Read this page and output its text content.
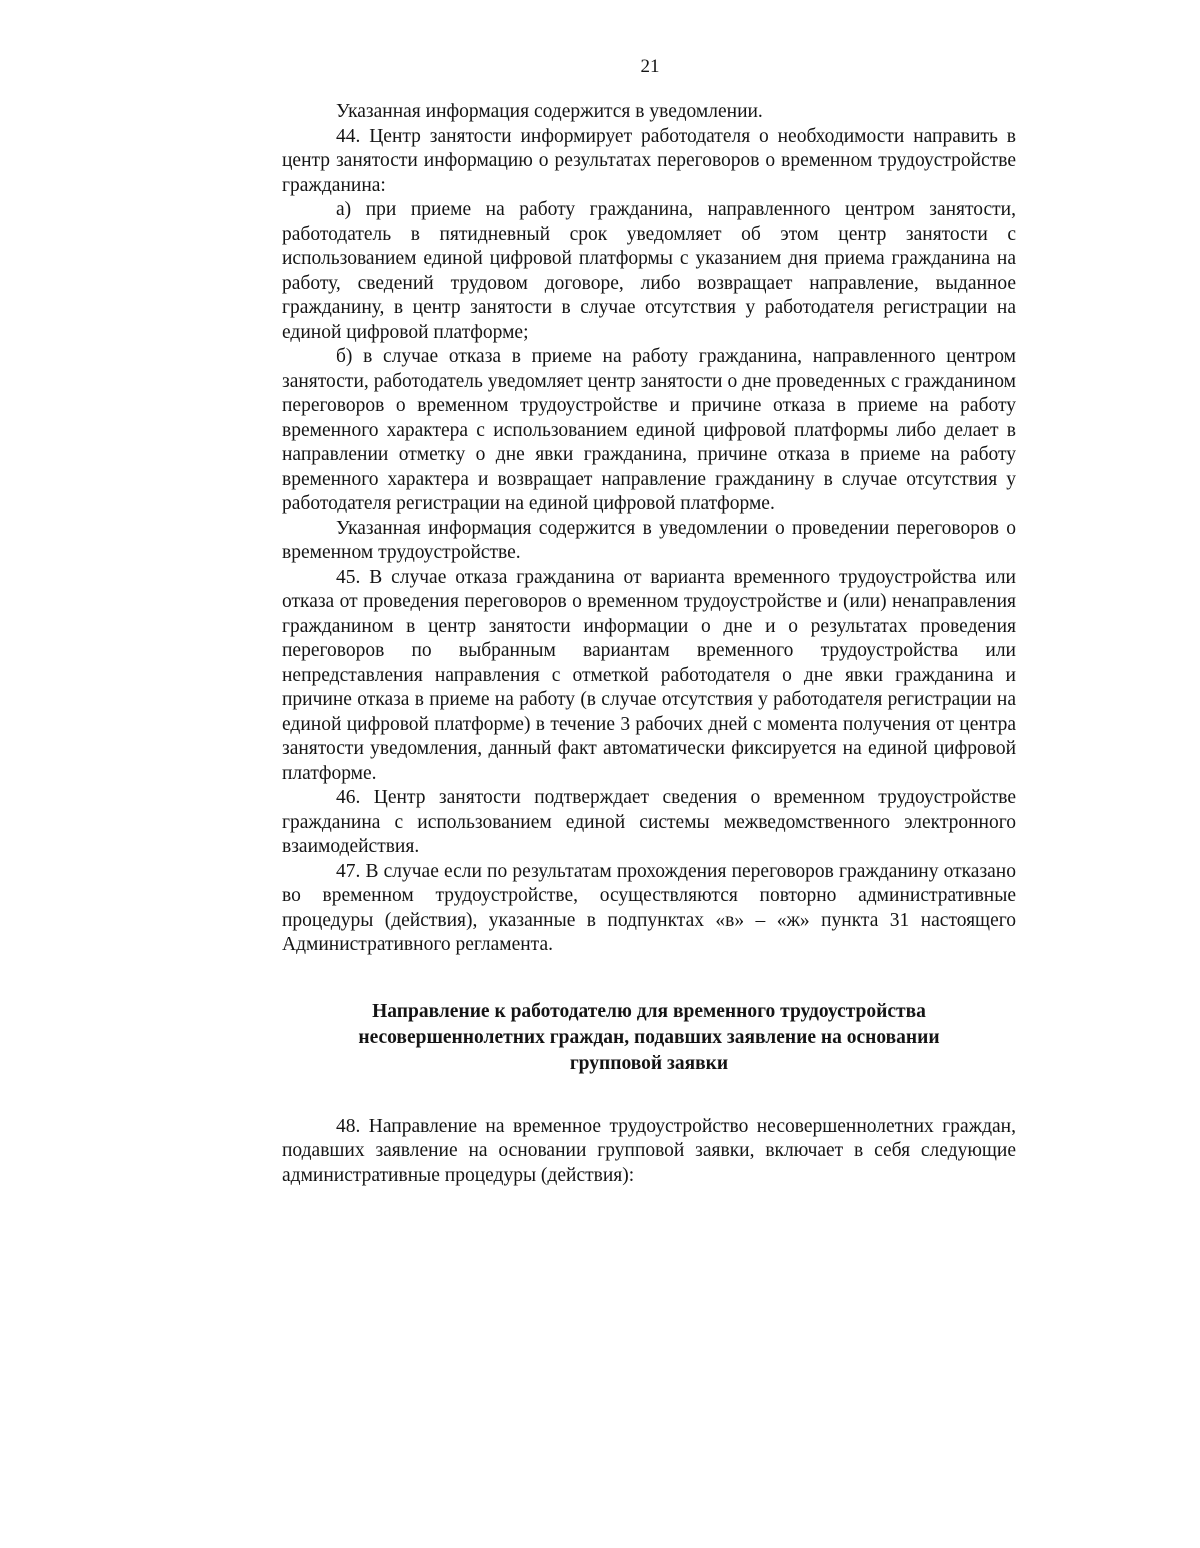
21

Указанная информация содержится в уведомлении.

44. Центр занятости информирует работодателя о необходимости направить в центр занятости информацию о результатах переговоров о временном трудоустройстве гражданина:

а) при приеме на работу гражданина, направленного центром занятости, работодатель в пятидневный срок уведомляет об этом центр занятости с использованием единой цифровой платформы с указанием дня приема гражданина на работу, сведений трудовом договоре, либо возвращает направление, выданное гражданину, в центр занятости в случае отсутствия у работодателя регистрации на единой цифровой платформе;

б) в случае отказа в приеме на работу гражданина, направленного центром занятости, работодатель уведомляет центр занятости о дне проведенных с гражданином переговоров о временном трудоустройстве и причине отказа в приеме на работу временного характера с использованием единой цифровой платформы либо делает в направлении отметку о дне явки гражданина, причине отказа в приеме на работу временного характера и возвращает направление гражданину в случае отсутствия у работодателя регистрации на единой цифровой платформе.

Указанная информация содержится в уведомлении о проведении переговоров о временном трудоустройстве.

45. В случае отказа гражданина от варианта временного трудоустройства или отказа от проведения переговоров о временном трудоустройстве и (или) ненаправления гражданином в центр занятости информации о дне и о результатах проведения переговоров по выбранным вариантам временного трудоустройства или непредставления направления с отметкой работодателя о дне явки гражданина и причине отказа в приеме на работу (в случае отсутствия у работодателя регистрации на единой цифровой платформе) в течение 3 рабочих дней с момента получения от центра занятости уведомления, данный факт автоматически фиксируется на единой цифровой платформе.

46. Центр занятости подтверждает сведения о временном трудоустройстве гражданина с использованием единой системы межведомственного электронного взаимодействия.

47. В случае если по результатам прохождения переговоров гражданину отказано во временном трудоустройстве, осуществляются повторно административные процедуры (действия), указанные в подпунктах «в» – «ж» пункта 31 настоящего Административного регламента.

Направление к работодателю для временного трудоустройства
несовершеннолетних граждан, подавших заявление на основании
групповой заявки

48. Направление на временное трудоустройство несовершеннолетних граждан, подавших заявление на основании групповой заявки, включает в себя следующие административные процедуры (действия):
